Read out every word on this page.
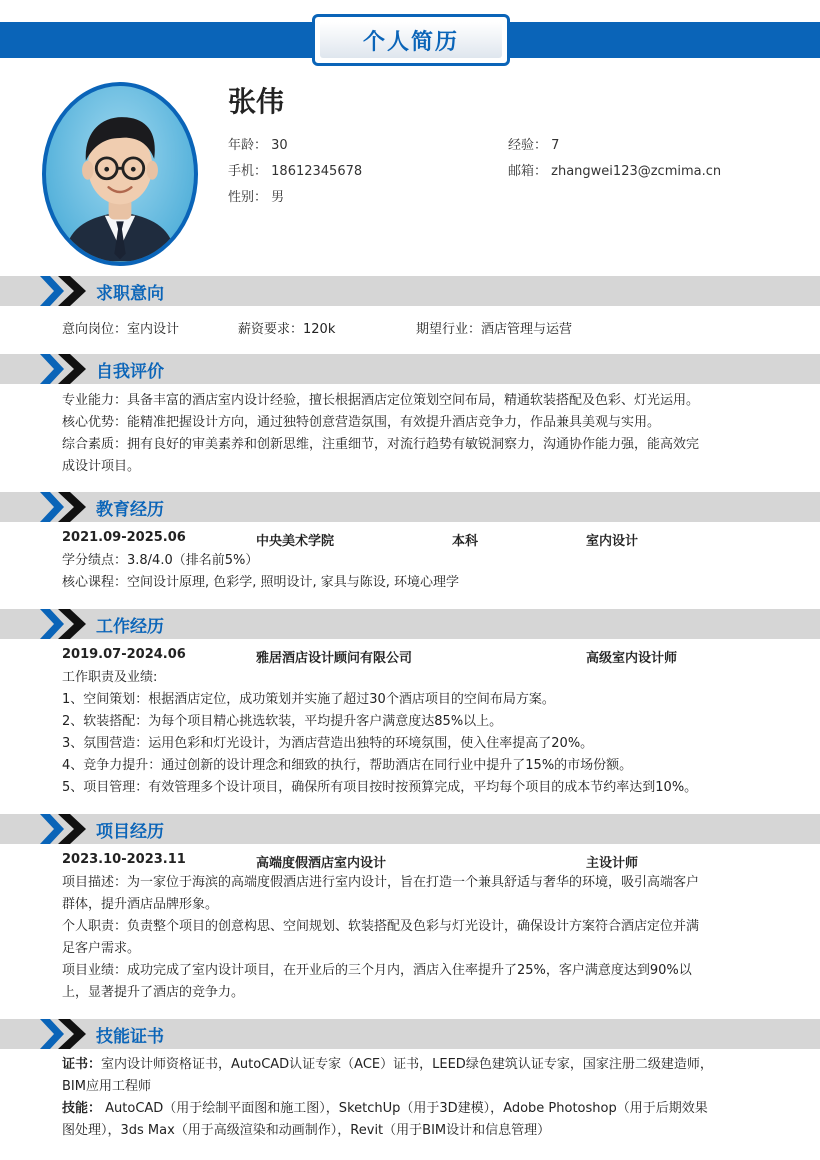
个人简历
张伟
年龄： 30	经验： 7
手机： 18612345678	邮箱： zhangwei123@zcmima.cn
性别： 男
求职意向
意向岗位：室内设计	薪资要求：120k	期望行业：酒店管理与运营
自我评价
专业能力：具备丰富的酒店室内设计经验，擅长根据酒店定位策划空间布局，精通软装搭配及色彩、灯光运用。
核心优势：能精准把握设计方向，通过独特创意营造氛围，有效提升酒店竞争力，作品兼具美观与实用。
综合素质：拥有良好的审美素养和创新思维，注重细节，对流行趋势有敏锐洞察力，沟通协作能力强，能高效完
成设计项目。
教育经历
2021.09-2025.06	中央美术学院	本科	室内设计
学分绩点：3.8/4.0（排名前5%）
核心课程：空间设计原理, 色彩学, 照明设计, 家具与陈设, 环境心理学
工作经历
2019.07-2024.06	雅居酒店设计顾问有限公司	高级室内设计师
工作职责及业绩:
1、空间策划：根据酒店定位，成功策划并实施了超过30个酒店项目的空间布局方案。
2、软装搭配：为每个项目精心挑选软装，平均提升客户满意度达85%以上。
3、氛围营造：运用色彩和灯光设计，为酒店营造出独特的环境氛围，使入住率提高了20%。
4、竞争力提升：通过创新的设计理念和细致的执行，帮助酒店在同行业中提升了15%的市场份额。
5、项目管理：有效管理多个设计项目，确保所有项目按时按预算完成，平均每个项目的成本节约率达到10%。
项目经历
2023.10-2023.11	高端度假酒店室内设计	主设计师
项目描述：为一家位于海滨的高端度假酒店进行室内设计，旨在打造一个兼具舒适与奢华的环境，吸引高端客户
群体，提升酒店品牌形象。
个人职责：负责整个项目的创意构思、空间规划、软装搭配及色彩与灯光设计，确保设计方案符合酒店定位并满
足客户需求。
项目业绩：成功完成了室内设计项目，在开业后的三个月内，酒店入住率提升了25%，客户满意度达到90%以
上，显著提升了酒店的竞争力。
技能证书
证书：室内设计师资格证书，AutoCAD认证专家（ACE）证书，LEED绿色建筑认证专家，国家注册二级建造师，
BIM应用工程师
技能： AutoCAD（用于绘制平面图和施工图），SketchUp（用于3D建模），Adobe Photoshop（用于后期效果
图处理），3ds Max（用于高级渲染和动画制作），Revit（用于BIM设计和信息管理）
